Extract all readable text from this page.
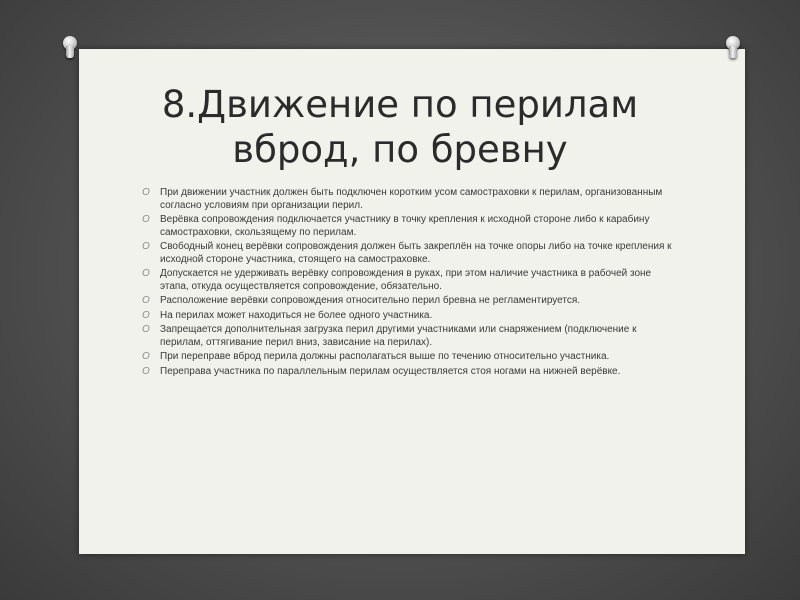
8.Движение по перилам
вброд, по бревну
O При движении участник должен быть подключен коротким усом самостраховки к перилам, организованным согласно условиям при организации перил.
O Верёвка сопровождения подключается участнику в точку крепления к исходной стороне либо к карабину самостраховки, скользящему по перилам.
O Свободный конец верёвки сопровождения должен быть закреплён на точке опоры либо на точке крепления к исходной стороне участника, стоящего на самостраховке.
O Допускается не удерживать верёвку сопровождения в руках, при этом наличие участника в рабочей зоне этапа, откуда осуществляется сопровождение, обязательно.
O Расположение верёвки сопровождения относительно перил бревна не регламентируется.
O На перилах может находиться не более одного участника.
O Запрещается дополнительная загрузка перил другими участниками или снаряжением (подключение к перилам, оттягивание перил вниз, зависание на перилах).
O При переправе вброд перила должны располагаться выше по течению относительно участника.
O Переправа участника по параллельным перилам осуществляется стоя ногами на нижней верёвке.
